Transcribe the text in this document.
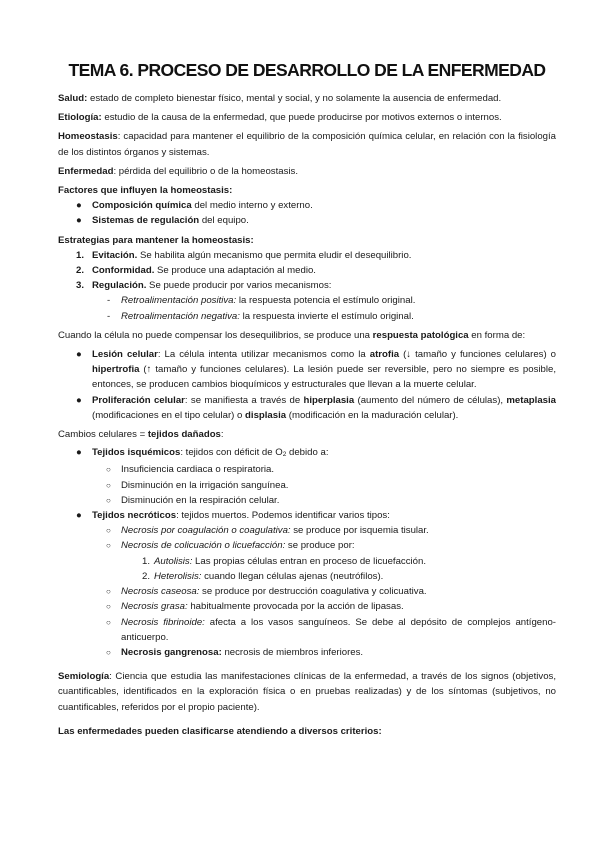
TEMA 6. PROCESO DE DESARROLLO DE LA ENFERMEDAD

Salud: estado de completo bienestar físico, mental y social, y no solamente la ausencia de enfermedad.

Etiología: estudio de la causa de la enfermedad, que puede producirse por motivos externos o internos.

Homeostasis: capacidad para mantener el equilibrio de la composición química celular, en relación con la fisiología de los distintos órganos y sistemas.

Enfermedad: pérdida del equilibrio o de la homeostasis.

Factores que influyen la homeostasis:

● Composición química del medio interno y externo.
● Sistemas de regulación del equipo.

Estrategias para mantener la homeostasis:

1. Evitación. Se habilita algún mecanismo que permita eludir el desequilibrio.
2. Conformidad. Se produce una adaptación al medio.
3. Regulación. Se puede producir por varios mecanismos:
- Retroalimentación positiva: la respuesta potencia el estímulo original.
- Retroalimentación negativa: la respuesta invierte el estímulo original.

Cuando la célula no puede compensar los desequilibrios, se produce una respuesta patológica en forma de:

● Lesión celular: La célula intenta utilizar mecanismos como la atrofia (↓ tamaño y funciones celulares) o hipertrofia (↑ tamaño y funciones celulares). La lesión puede ser reversible, pero no siempre es posible, entonces, se producen cambios bioquímicos y estructurales que llevan a la muerte celular.
● Proliferación celular: se manifiesta a través de hiperplasia (aumento del número de células), metaplasia (modificaciones en el tipo celular) o displasia (modificación en la maduración celular).

Cambios celulares = tejidos dañados:

● Tejidos isquémicos: tejidos con déficit de $O_2$ debido a:
○ Insuficiencia cardiaca o respiratoria.
○ Disminución en la irrigación sanguínea.
○ Disminución en la respiración celular.
● Tejidos necróticos: tejidos muertos. Podemos identificar varios tipos:
○ Necrosis por coagulación o coagulativa: se produce por isquemia tisular.
○ Necrosis de colicuación o licuefacción: se produce por:
1. Autolisis: Las propias células entran en proceso de licuefacción.
2. Heterolisis: cuando llegan células ajenas (neutrófilos).
○ Necrosis caseosa: se produce por destrucción coagulativa y colicuativa.
○ Necrosis grasa: habitualmente provocada por la acción de lipasas.
○ Necrosis fibrinoide: afecta a los vasos sanguíneos. Se debe al depósito de complejos antígeno-anticuerpo.
○ Necrosis gangrenosa: necrosis de miembros inferiores.

Semiología: Ciencia que estudia las manifestaciones clínicas de la enfermedad, a través de los signos (objetivos, cuantificables, identificados en la exploración física o en pruebas realizadas) y de los síntomas (subjetivos, no cuantificables, referidos por el propio paciente).

Las enfermedades pueden clasificarse atendiendo a diversos criterios:
